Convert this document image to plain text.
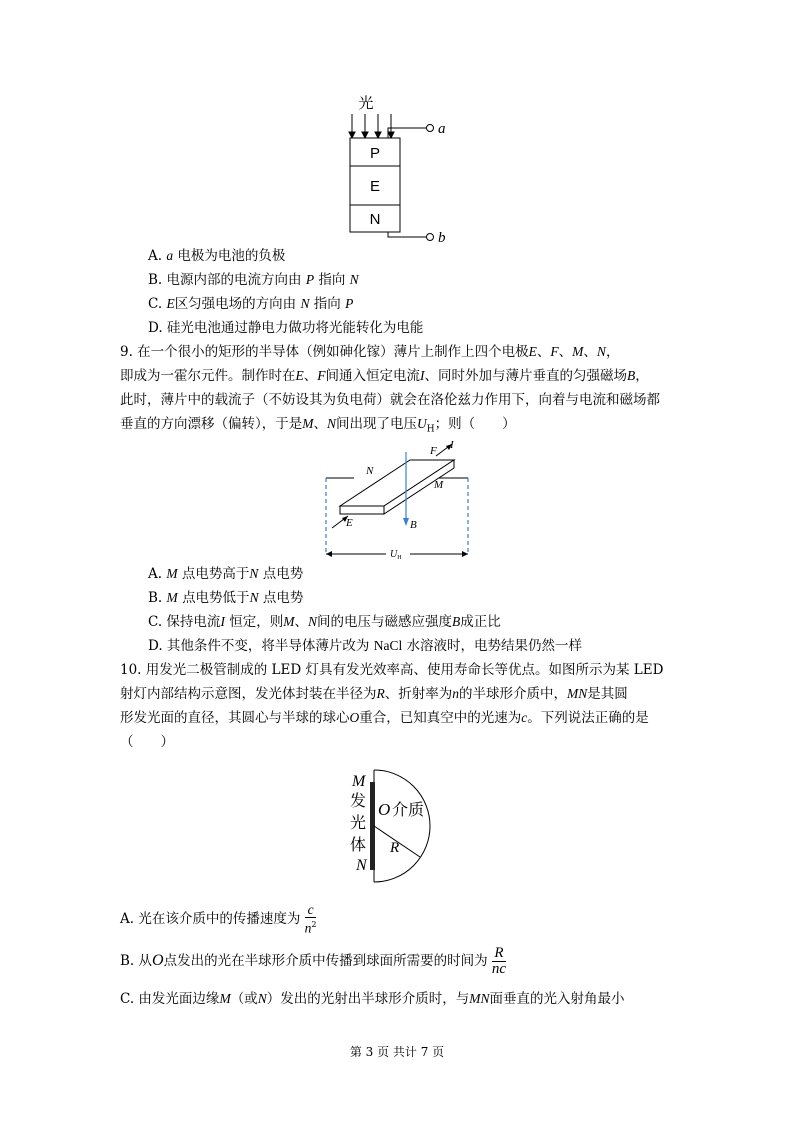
光
a
P
E
N
b
A. a 电极为电池的负极
B. 电源内部的电流方向由 P 指向 N
C. E区匀强电场的方向由 N 指向 P
D. 硅光电池通过静电力做功将光能转化为电能
9. 在一个很小的矩形的半导体（例如砷化镓）薄片上制作上四个电极E、F、M、N，
即成为一霍尔元件。制作时在E、F间通入恒定电流I、同时外加与薄片垂直的匀强磁场B，
此时，薄片中的载流子（不妨设其为负电荷）就会在洛伦兹力作用下，向着与电流和磁场都
垂直的方向漂移（偏转），于是M、N间出现了电压$U_H$；则（　　）
N
M
F I
E	B
$U_H$
A. M 点电势高于N 点电势
B. M 点电势低于N 点电势
C. 保持电流I 恒定，则M、N间的电压与磁感应强度B成正比
D. 其他条件不变，将半导体薄片改为 NaCl 水溶液时，电势结果仍然一样
10. 用发光二极管制成的 LED 灯具有发光效率高、使用寿命长等优点。如图所示为某 LED
射灯内部结构示意图，发光体封装在半径为R、折射率为n的半球形介质中，MN是其圆
形发光面的直径，其圆心与半球的球心O重合，已知真空中的光速为c。下列说法正确的是
（　　）
M
发
光
体
N
O 介质
R
A. 光在该介质中的传播速度为 $\frac{c}{n^2}$
B. 从O点发出的光在半球形介质中传播到球面所需要的时间为 $\frac{R}{nc}$
C. 由发光面边缘M（或N）发出的光射出半球形介质时，与MN面垂直的光入射角最小
第 3 页 共计 7 页
